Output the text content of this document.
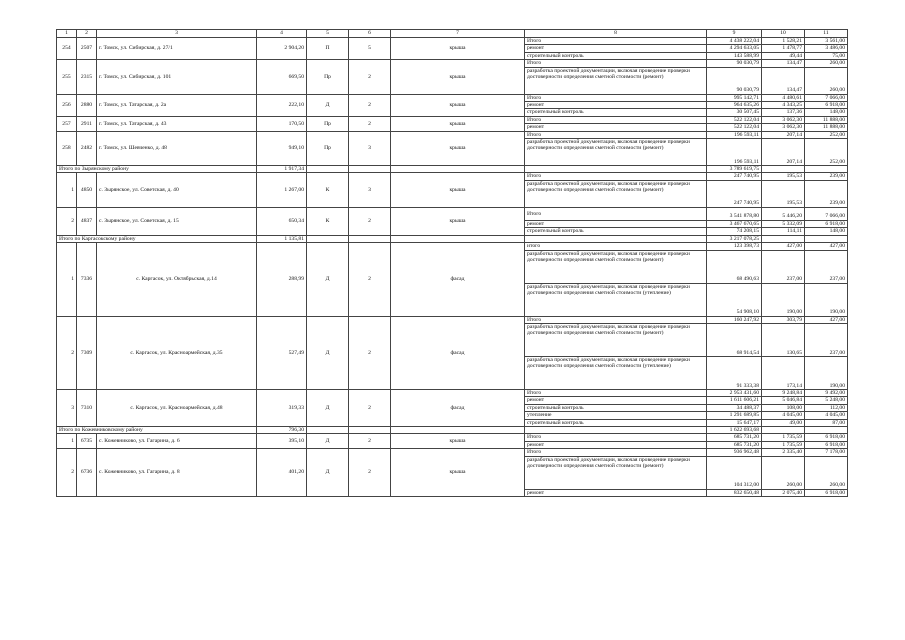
1	2	3	4	5	6	7	8	9	10	11
254	2507	г. Томск, ул. Сибирская, д. 27/1	2 904,20	П	5	крыша	Итого	4 438 222,04	1 528,21	3 561,00
							ремонт	4 294 633,05	1 478,77	3 486,00
							строительный контроль	143 588,99	49,44	75,00
255	2315	г. Томск, ул. Сибирская, д. 101	669,50	Пр	2	крыша	Итого	90 030,79	134,47	260,00
							разработка проектной документации, включая проведение проверки достоверности определения сметной стоимости (ремонт)	90 030,79	134,47	260,00
256	2880	г. Томск, ул. Татарская, д. 2а	222,10	Д	2	крыша	Итого	995 142,71	4 480,61	7 066,00
							ремонт	964 635,26	4 343,25	6 918,00
							строительный контроль	30 507,45	137,36	148,00
257	2911	г. Томск, ул. Татарская, д. 43	170,50	Пр	2	крыша	Итого	522 122,04	3 062,30	11 888,00
							ремонт	522 122,04	3 062,30	11 888,00
258	2482	г. Томск, ул. Шевченко, д. 48	949,10	Пр	3	крыша	Итого	196 593,11	207,14	252,00
							разработка проектной документации, включая проведение проверки достоверности определения сметной стоимости (ремонт)	196 593,11	207,14	252,00
Итого по Зырянскому району			1 917,34					3 789 619,75		
1	4850	с. Зырянское, ул. Советская, д. 40	1 267,00	К	3	крыша	Итого	247 740,95	195,53	239,00
							разработка проектной документации, включая проведение проверки достоверности определения сметной стоимости (ремонт)	247 740,95	195,53	239,00
2	4837	с. Зырянское, ул. Советская, д. 15	650,34	К	2	крыша	Итого	3 541 878,80	5 446,20	7 066,00
							ремонт	3 467 670,65	5 332,09	6 918,00
							строительный контроль	74 208,15	114,11	148,00
Итого по Каргасокскому району			1 135,81					3 217 078,25		
1	7336	с. Каргасок, ул. Октябрьская, д.14	288,99	Д	2	фасад	итого	123 398,73	427,00	427,00
							разработка проектной документации, включая проведение проверки достоверности определения сметной стоимости (ремонт)	68 490,63	237,00	237,00
							разработка проектной документации, включая проведение проверки достоверности определения сметной стоимости (утепление)	54 908,10	190,00	190,00
2	7309	с. Каргасок, ул. Красноармейская, д.35	527,49	Д	2	фасад	Итого	160 247,92	303,79	427,00
							разработка проектной документации, включая проведение проверки достоверности определения сметной стоимости (ремонт)	68 914,54	130,65	237,00
							разработка проектной документации, включая проведение проверки достоверности определения сметной стоимости (утепление)	91 333,38	173,14	190,00
3	7310	с. Каргасок, ул. Красноармейская, д.48	319,33	Д	2	фасад	Итого	2 953 431,60	9 248,84	9 492,00
							ремонт	1 611 606,21	5 046,84	5 248,00
							строительный контроль	34 488,37	108,00	112,00
							утепление	1 291 689,85	4 045,00	4 045,00
							строительный контроль	15 647,17	49,00	87,00
Итого по Кожевниковскому району			796,30					1 622 693,68		
1	6735	с. Кожевниково, ул. Гагарина, д. 6	395,10	Д	2	крыша	Итого	685 731,20	1 735,59	6 918,00
							ремонт	685 731,20	1 735,59	6 918,00
2	6736	с. Кожевниково, ул. Гагарина, д. 8	401,20	Д	2	крыша	Итого	936 962,48	2 335,40	7 178,00
							разработка проектной документации, включая проведение проверки достоверности определения сметной стоимости (ремонт)	104 312,00	260,00	260,00
							ремонт	832 650,48	2 075,40	6 918,00
